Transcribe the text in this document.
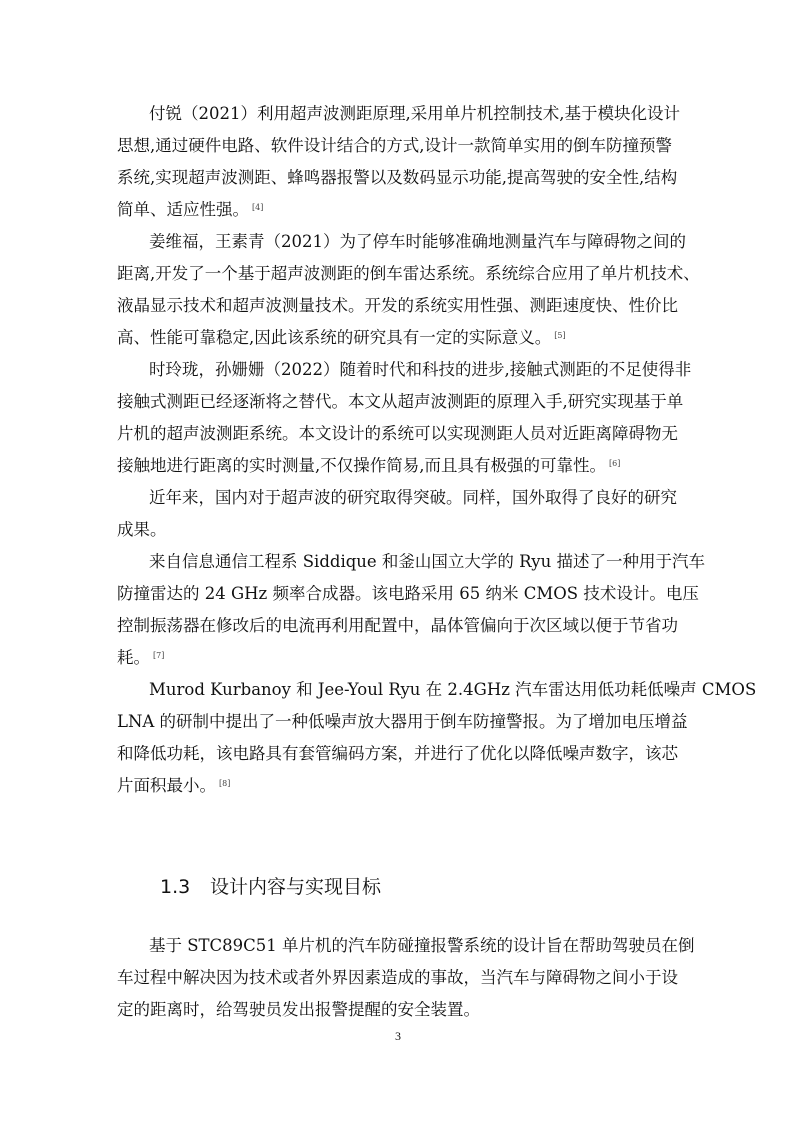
付锐（2021）利用超声波测距原理,采用单片机控制技术,基于模块化设计
思想,通过硬件电路、软件设计结合的方式,设计一款简单实用的倒车防撞预警
系统,实现超声波测距、蜂鸣器报警以及数码显示功能,提高驾驶的安全性,结构
简单、适应性强。 [4]
姜维福，王素青（2021）为了停车时能够准确地测量汽车与障碍物之间的
距离,开发了一个基于超声波测距的倒车雷达系统。系统综合应用了单片机技术、
液晶显示技术和超声波测量技术。开发的系统实用性强、测距速度快、性价比
高、性能可靠稳定,因此该系统的研究具有一定的实际意义。 [5]
时玲珑，孙姗姗（2022）随着时代和科技的进步,接触式测距的不足使得非
接触式测距已经逐渐将之替代。本文从超声波测距的原理入手,研究实现基于单
片机的超声波测距系统。本文设计的系统可以实现测距人员对近距离障碍物无
接触地进行距离的实时测量,不仅操作简易,而且具有极强的可靠性。 [6]
近年来，国内对于超声波的研究取得突破。同样，国外取得了良好的研究
成果。
来自信息通信工程系 Siddique 和釜山国立大学的 Ryu 描述了一种用于汽车
防撞雷达的 24 GHz 频率合成器。该电路采用 65 纳米 CMOS 技术设计。电压
控制振荡器在修改后的电流再利用配置中，晶体管偏向于次区域以便于节省功
耗。 [7]
Murod Kurbanoy 和 Jee-Youl Ryu 在 2.4GHz 汽车雷达用低功耗低噪声 CMOS
LNA 的研制中提出了一种低噪声放大器用于倒车防撞警报。为了增加电压增益
和降低功耗，该电路具有套管编码方案，并进行了优化以降低噪声数字，该芯
片面积最小。 [8]
1.3 设计内容与实现目标
基于 STC89C51 单片机的汽车防碰撞报警系统的设计旨在帮助驾驶员在倒
车过程中解决因为技术或者外界因素造成的事故，当汽车与障碍物之间小于设
定的距离时，给驾驶员发出报警提醒的安全装置。
3
